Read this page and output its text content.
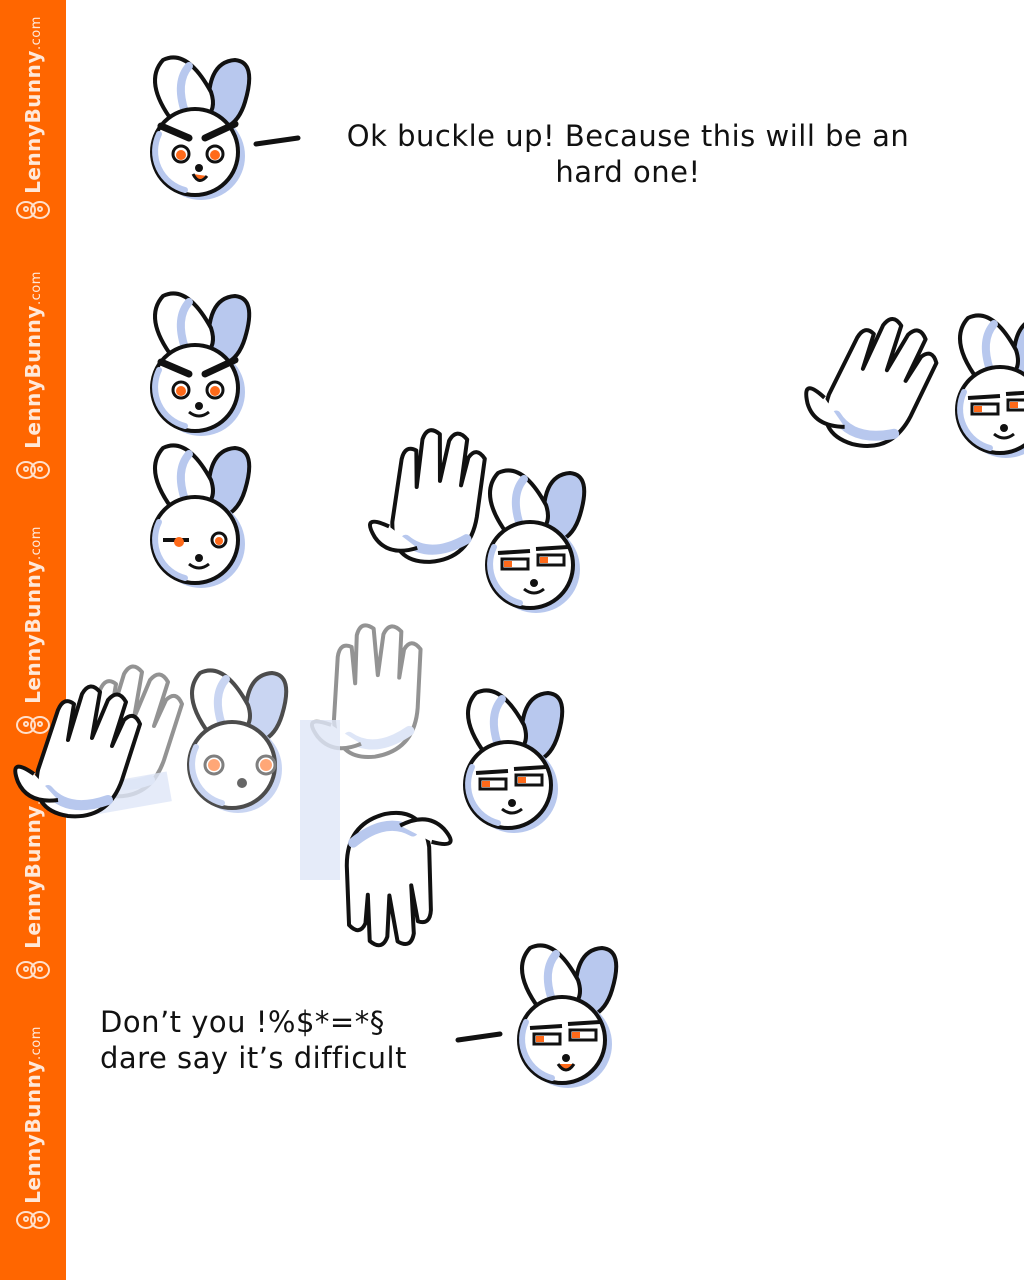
LennyBunny.com
LennyBunny.com
LennyBunny.com
LennyBunny
LennyBunny.com
Ok buckle up! Because this will be an hard one!
Don’t you !%$*=*§ dare say it’s difficult
